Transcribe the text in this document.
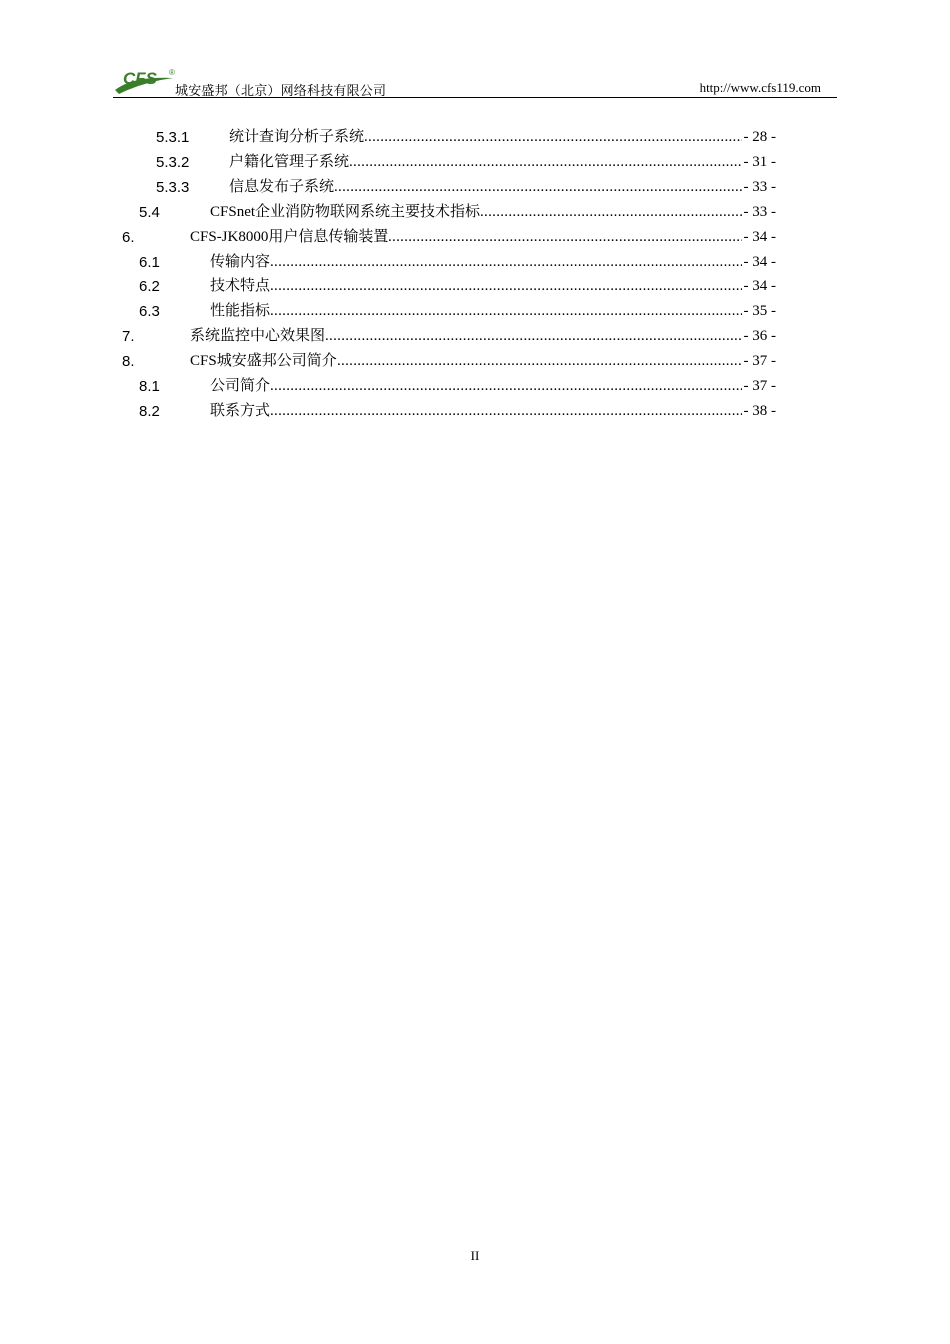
CFS ®
城安盛邦（北京）网络科技有限公司	http://www.cfs119.com
5.3.1 .....	统计查询分析子系统	- 28 -
5.3.2 .....	户籍化管理子系统	- 31 -
5.3.3 .....	信息发布子系统	- 33 -
5.4 .....	CFSnet企业消防物联网系统主要技术指标	- 33 -
6. .....	CFS-JK8000用户信息传输装置	- 34 -
6.1 .....	传输内容	- 34 -
6.2 .....	技术特点	- 34 -
6.3 .....	性能指标	- 35 -
7. .....	系统监控中心效果图	- 36 -
8. .....	CFS城安盛邦公司简介	- 37 -
8.1 .....	公司简介	- 37 -
8.2 .....	联系方式	- 38 -
II
